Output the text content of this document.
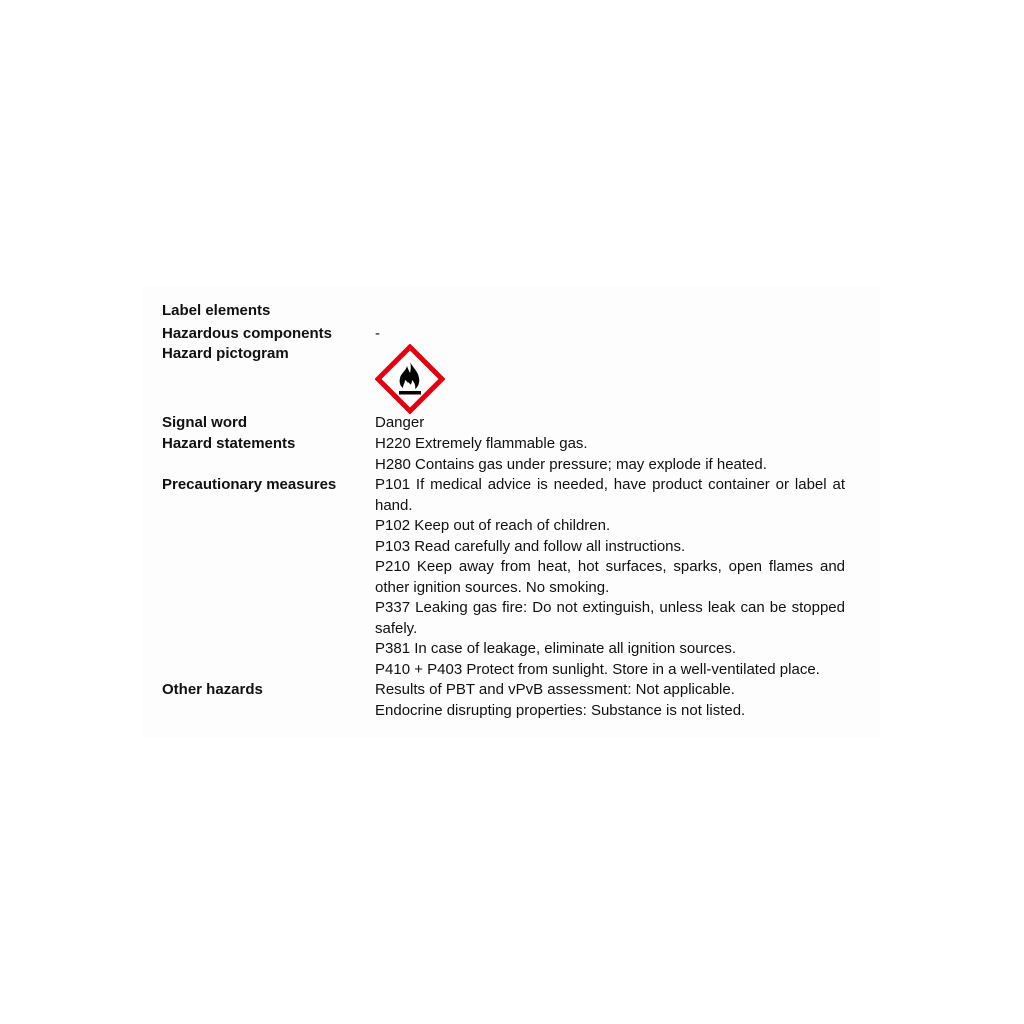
Label elements
Hazardous components	-
Hazard pictogram
Signal word	Danger
Hazard statements	H220 Extremely flammable gas.
H280 Contains gas under pressure; may explode if heated.
Precautionary measures	P101 If medical advice is needed, have product container or label at hand.
P102 Keep out of reach of children.
P103 Read carefully and follow all instructions.
P210 Keep away from heat, hot surfaces, sparks, open flames and other ignition sources. No smoking.
P337 Leaking gas fire: Do not extinguish, unless leak can be stopped safely.
P381 In case of leakage, eliminate all ignition sources.
P410 + P403 Protect from sunlight. Store in a well-ventilated place.
Other hazards	Results of PBT and vPvB assessment: Not applicable.
Endocrine disrupting properties: Substance is not listed.
